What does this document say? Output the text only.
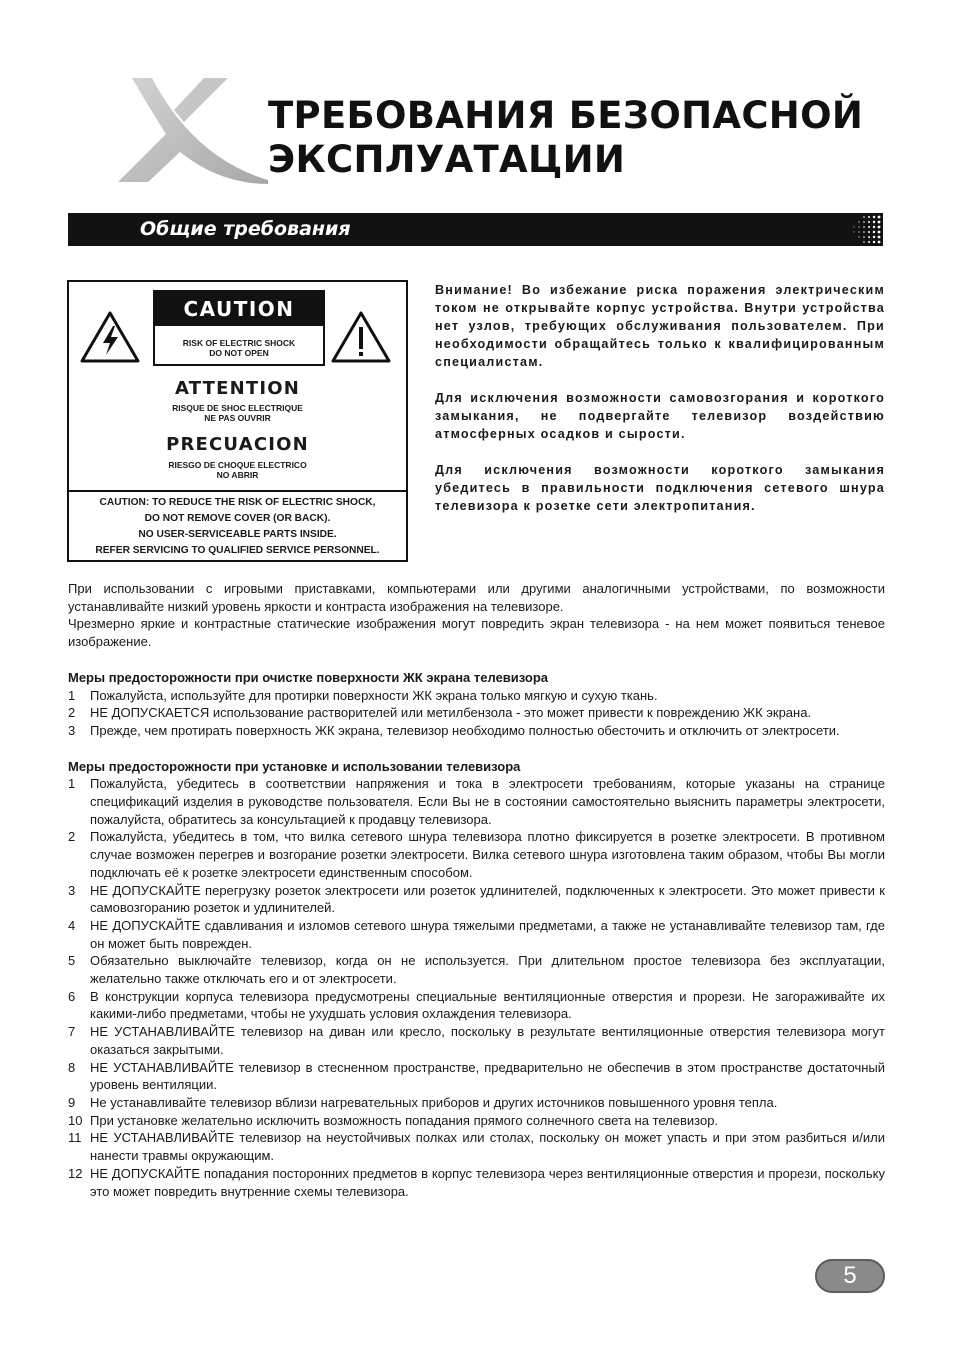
ТРЕБОВАНИЯ БЕЗОПАСНОЙ
ЭКСПЛУАТАЦИИ
Общие требования
CAUTION
RISK OF ELECTRIC SHOCK
DO NOT OPEN
ATTENTION
RISQUE DE SHOC ELECTRIQUE
NE PAS OUVRIR
PRECUACION
RIESGO DE CHOQUE ELECTRICO
NO ABRIR
CAUTION: TO REDUCE THE RISK OF ELECTRIC SHOCK,
DO NOT REMOVE COVER (OR BACK).
NO USER-SERVICEABLE PARTS INSIDE.
REFER SERVICING TO QUALIFIED SERVICE PERSONNEL.

Внимание! Во избежание риска поражения электрическим током не открывайте корпус устройства. Внутри устройства нет узлов, требующих обслуживания пользователем. При необходимости обращайтесь только к квалифицированным специалистам.

Для исключения возможности самовозгорания и короткого замыкания, не подвергайте телевизор воздействию атмосферных осадков и сырости.

Для исключения возможности короткого замыкания убедитесь в правильности подключения сетевого шнура телевизора к розетке сети электропитания.

При использовании с игровыми приставками, компьютерами или другими аналогичными устройствами, по возможности устанавливайте низкий уровень яркости и контраста изображения на телевизоре.

Чрезмерно яркие и контрастные статические изображения могут повредить экран телевизора - на нем может появиться теневое изображение.

Меры предосторожности при очистке поверхности ЖК экрана телевизора

1 Пожалуйста, используйте для протирки поверхности ЖК экрана только мягкую и сухую ткань.
2 НЕ ДОПУСКАЕТСЯ использование растворителей или метилбензола - это может привести к повреждению ЖК экрана.
3 Прежде, чем протирать поверхность ЖК экрана, телевизор необходимо полностью обесточить и отключить от электросети.

Меры предосторожности при установке и использовании телевизора

1 Пожалуйста, убедитесь в соответствии напряжения и тока в электросети требованиям, которые указаны на странице спецификаций изделия в руководстве пользователя. Если Вы не в состоянии самостоятельно выяснить параметры электросети, пожалуйста, обратитесь за консультацией к продавцу телевизора.
2 Пожалуйста, убедитесь в том, что вилка сетевого шнура телевизора плотно фиксируется в розетке электросети. В противном случае возможен перегрев и возгорание розетки электросети. Вилка сетевого шнура изготовлена таким образом, чтобы Вы могли подключать её к розетке электросети единственным способом.
3 НЕ ДОПУСКАЙТЕ перегрузку розеток электросети или розеток удлинителей, подключенных к электросети. Это может привести к самовозгоранию розеток и удлинителей.
4 НЕ ДОПУСКАЙТЕ сдавливания и изломов сетевого шнура тяжелыми предметами, а также не устанавливайте телевизор там, где он может быть поврежден.
5 Обязательно выключайте телевизор, когда он не используется. При длительном простое телевизора без эксплуатации, желательно также отключать его и от электросети.
6 В конструкции корпуса телевизора предусмотрены специальные вентиляционные отверстия и прорези. Не загораживайте их какими-либо предметами, чтобы не ухудшать условия охлаждения телевизора.
7 НЕ УСТАНАВЛИВАЙТЕ телевизор на диван или кресло, поскольку в результате вентиляционные отверстия телевизора могут оказаться закрытыми.
8 НЕ УСТАНАВЛИВАЙТЕ телевизор в стесненном пространстве, предварительно не обеспечив в этом пространстве достаточный уровень вентиляции.
9 Не устанавливайте телевизор вблизи нагревательных приборов и других источников повышенного уровня тепла.
10 При установке желательно исключить возможность попадания прямого солнечного света на телевизор.
11 НЕ УСТАНАВЛИВАЙТЕ телевизор на неустойчивых полках или столах, поскольку он может упасть и при этом разбиться и/или нанести травмы окружающим.
12 НЕ ДОПУСКАЙТЕ попадания посторонних предметов в корпус телевизора через вентиляционные отверстия и прорези, поскольку это может повредить внутренние схемы телевизора.
5
